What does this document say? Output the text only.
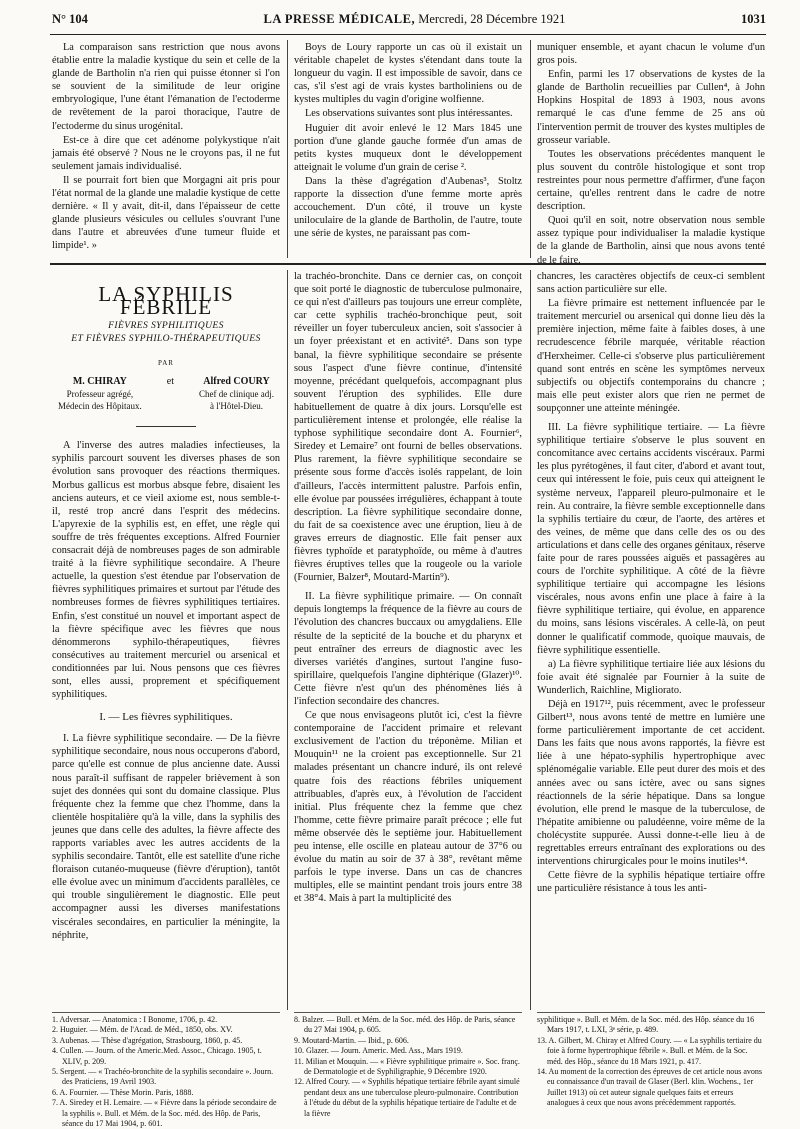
N° 104	LA PRESSE MÉDICALE, Mercredi, 28 Décembre 1921	1031

La comparaison sans restriction que nous avons établie entre la maladie kystique du sein et celle de la glande de Bartholin n'a rien qui puisse étonner si l'on se souvient de la similitude de leur origine embryologique, l'une étant l'émanation de l'ectoderme de revêtement de la paroi thoracique, l'autre de l'ectoderme du sinus urogénital.

Est-ce à dire que cet adénome polykystique n'ait jamais été observé ? Nous ne le croyons pas, il ne fut seulement jamais individualisé.

Il se pourrait fort bien que Morgagni ait pris pour l'état normal de la glande une maladie kystique de cette dernière. « Il y avait, dit-il, dans l'épaisseur de cette glande plusieurs vésicules ou cellules s'ouvrant l'une dans l'autre et abreuvées d'une tumeur fluide et limpide¹. »

Boys de Loury rapporte un cas où il existait un véritable chapelet de kystes s'étendant dans toute la longueur du vagin. Il est impossible de savoir, dans ce cas, s'il s'est agi de vrais kystes bartholiniens ou de kystes multiples du vagin d'origine wolfienne.

Les observations suivantes sont plus intéressantes.

Huguier dit avoir enlevé le 12 Mars 1845 une portion d'une glande gauche formée d'un amas de petits kystes muqueux dont le développement atteignait le volume d'un grain de cerise ².

Dans la thèse d'agrégation d'Aubenas³, Stoltz rapporte la dissection d'une femme morte après accouchement. D'un côté, il trouve un kyste uniloculaire de la glande de Bartholin, de l'autre, toute une série de kystes, ne paraissant pas com-

muniquer ensemble, et ayant chacun le volume d'un gros pois.

Enfin, parmi les 17 observations de kystes de la glande de Bartholin recueillies par Cullen⁴, à John Hopkins Hospital de 1893 à 1903, nous avons remarqué le cas d'une femme de 25 ans où l'intervention permit de trouver des kystes multiples de grosseur variable.

Toutes les observations précédentes manquent le plus souvent du contrôle histologique et sont trop restreintes pour nous permettre d'affirmer, d'une façon certaine, qu'elles rentrent dans le cadre de notre description.

Quoi qu'il en soit, notre observation nous semble assez typique pour individualiser la maladie kystique de la glande de Bartholin, ainsi que nous avons tenté de le faire.

LA SYPHILIS FÉBRILE
FIÈVRES SYPHILITIQUES
ET FIÈVRES SYPHILO-THÉRAPEUTIQUES
PAR
M. CHIRAY
Professeur agrégé,
Médecin des Hôpitaux.
et	Alfred COURY
Chef de clinique adj.
à l'Hôtel-Dieu.

A l'inverse des autres maladies infectieuses, la syphilis parcourt souvent les diverses phases de son évolution sans provoquer des réactions thermiques. Morbus gallicus est morbus absque febre, disaient les anciens auteurs, et ce vieil axiome est, nous semble-t-il, resté trop ancré dans l'esprit des médecins. L'apyrexie de la syphilis est, en effet, une règle qui souffre de très fréquentes exceptions. Alfred Fournier consacrait déjà de nombreuses pages de son admirable traité à la fièvre syphilitique secondaire. A l'heure actuelle, la question s'est étendue par l'observation de fièvres syphilitiques primaires et surtout par l'étude des nombreuses formes de fièvres syphilitiques tertiaires. Enfin, s'est constitué un nouvel et important aspect de la fièvre spécifique avec les fièvres que nous dénommerons syphilo-thérapeutiques, fièvres consécutives au traitement mercuriel ou arsenical et conditionnées par lui. Nous pensons que ces fièvres sont, elles aussi, proprement et spécifiquement syphilitiques.

I. — Les fièvres syphilitiques.

I. La fièvre syphilitique secondaire. — De la fièvre syphilitique secondaire, nous nous occuperons d'abord, parce qu'elle est connue de plus ancienne date. Aussi nous paraît-il suffisant de rappeler brièvement à son sujet des données qui sont du domaine classique. Plus fréquente chez la femme que chez l'homme, dans la clientèle hospitalière qu'à la ville, dans la syphilis des jeunes que dans celle des adultes, la fièvre affecte des rapports variables avec les autres accidents de la syphilis secondaire. Tantôt, elle est satellite d'une riche floraison cutanéo-muqueuse (fièvre d'éruption), tantôt elle évolue avec un minimum d'accidents parallèles, ce qui trouble singulièrement le diagnostic. Elle peut accompagner aussi les diverses manifestations viscérales secondaires, en particulier la méningite, la néphrite,

la trachéo-bronchite. Dans ce dernier cas, on conçoit que soit porté le diagnostic de tuberculose pulmonaire, ce qui n'est d'ailleurs pas toujours une erreur complète, car cette syphilis trachéo-bronchique peut, soit réveiller un foyer tuberculeux ancien, soit s'associer à un foyer préexistant et en activité⁵. Dans son type banal, la fièvre syphilitique secondaire se présente sous l'aspect d'une fièvre continue, d'intensité moyenne, précédant quelquefois, accompagnant plus souvent l'éruption des syphilides. Elle dure habituellement de quatre à dix jours. Lorsqu'elle est particulièrement intense et prolongée, elle réalise la typhose syphilitique secondaire dont A. Fournier⁶, Siredey et Lemaire⁷ ont fourni de belles observations. Plus rarement, la fièvre syphilitique secondaire se présente sous forme d'accès isolés rappelant, de loin d'ailleurs, l'accès intermittent palustre. Parfois enfin, elle évolue par poussées irrégulières, échappant à toute description. La fièvre syphilitique secondaire donne, du fait de sa coexistence avec une éruption, lieu à de graves erreurs de diagnostic. Elle fait penser aux fièvres typhoïde et paratyphoïde, ou même à d'autres fièvres éruptives telles que la rougeole ou la variole (Fournier, Balzer⁸, Moutard-Martin⁹).

II. La fièvre syphilitique primaire. — On connaît depuis longtemps la fréquence de la fièvre au cours de l'évolution des chancres buccaux ou amygdaliens. Elle résulte de la septicité de la bouche et du pharynx et peut entraîner des erreurs de diagnostic avec les diverses variétés d'angines, surtout l'angine fuso-spirillaire, quelquefois l'angine diphtérique (Glazer)¹⁰. Cette fièvre n'est qu'un des phénomènes liés à l'infection secondaire des chancres.

Ce que nous envisageons plutôt ici, c'est la fièvre contemporaine de l'accident primaire et relevant exclusivement de l'action du tréponème. Milian et Mouquin¹¹ ne la croient pas exceptionnelle. Sur 21 malades présentant un chancre induré, ils ont relevé quatre fois des réactions fébriles uniquement attribuables, d'après eux, à l'évolution de l'accident initial. Plus fréquente chez la femme que chez l'homme, cette fièvre primaire paraît précoce ; elle fut même observée dès le septième jour. Habituellement peu intense, elle oscille en plateau autour de 37°6 ou évolue du matin au soir de 37 à 38°, revêtant même parfois le type inverse. Dans un cas de chancres multiples, elle se maintint pendant trois jours entre 38 et 38°4. Mais à part la multiplicité des

chancres, les caractères objectifs de ceux-ci semblent sans action particulière sur elle.

La fièvre primaire est nettement influencée par le traitement mercuriel ou arsenical qui donne lieu dès la première injection, même faite à faibles doses, à une recrudescence fébrile marquée, véritable réaction d'Herxheimer. Celle-ci s'observe plus particulièrement quand sont entrés en scène les symptômes nerveux subjectifs ou objectifs contemporains du chancre ; mais elle peut exister alors que rien ne permet de soupçonner une atteinte méningée.

III. La fièvre syphilitique tertiaire. — La fièvre syphilitique tertiaire s'observe le plus souvent en concomitance avec certains accidents viscéraux. Parmi les plus pyrétogènes, il faut citer, d'abord et avant tout, ceux qui intéressent le foie, puis ceux qui atteignent le système nerveux, l'appareil pleuro-pulmonaire et le rein. Au contraire, la fièvre semble exceptionnelle dans la syphilis tertiaire du cœur, de l'aorte, des artères et des veines, de même que dans celle des os ou des articulations et dans celle des organes génitaux, réserve faite pour de rares poussées aiguës et passagères au cours de l'orchite syphilitique. A côté de la fièvre syphilitique tertiaire qui accompagne les lésions viscérales, nous avons enfin une place à faire à la fièvre syphilitique tertiaire, qui évolue, en apparence du moins, sans lésions viscérales. A celle-là, on peut donner le qualificatif commode, quoique mauvais, de fièvre syphilitique essentielle.

a) La fièvre syphilitique tertiaire liée aux lésions du foie avait été signalée par Fournier à la suite de Wunderlich, Raichline, Migliorato.

Déjà en 1917¹², puis récemment, avec le professeur Gilbert¹³, nous avons tenté de mettre en lumière une forme particulièrement importante de cet accident. Dans les faits que nous avons rapportés, la fièvre est liée à une hépato-syphilis hypertrophique avec splénomégalie variable. Elle peut durer des mois et des années avec ou sans ictère, avec ou sans signes réactionnels de la série hépatique. Dans sa longue évolution, elle prend le masque de la tuberculose, de l'hépatite amibienne ou paludéenne, voire même de la cholécystite suppurée. Aussi donne-t-elle lieu à de regrettables erreurs entraînant des explorations ou des interventions chirurgicales pour le moins inutiles¹⁴.

Cette fièvre de la syphilis hépatique tertiaire offre une particulière résistance à tous les anti-

1. Adversar. — Anatomica : I Bonome, 1706, p. 42.
2. Huguier. — Mém. de l'Acad. de Méd., 1850, obs. XV.
3. Aubenas. — Thèse d'agrégation, Strasbourg, 1860, p. 45.
4. Cullen. — Journ. of the Americ.Med. Assoc., Chicago. 1905, t. XLIV, p. 209.
5. Sergent. — « Trachéo-bronchite de la syphilis secondaire ». Journ. des Praticiens, 19 Avril 1903.
6. A. Fournier. — Thèse Morin. Paris, 1888.
7. A. Siredey et H. Lemaire. — « Fièvre dans la période secondaire de la syphilis ». Bull. et Mém. de la Soc. méd. des Hôp. de Paris, séance du 17 Mai 1904, p. 601.
8. Balzer. — Bull. et Mém. de la Soc. méd. des Hôp. de Paris, séance du 27 Mai 1904, p. 605.
9. Moutard-Martin. — Ibid., p. 606.
10. Glazer. — Journ. Americ. Med. Ass., Mars 1919.
11. Milian et Mouquin. — « Fièvre syphilitique primaire ». Soc. franç. de Dermatologie et de Syphiligraphie, 9 Décembre 1920.
12. Alfred Coury. — « Syphilis hépatique tertiaire fébrile ayant simulé pendant deux ans une tuberculose pleuro-pulmonaire. Contribution à l'étude du début de la syphilis hépatique tertiaire de l'adulte et de la fièvre
syphilitique ». Bull. et Mém. de la Soc. méd. des Hôp. séance du 16 Mars 1917, t. LXI, 3ᵉ série, p. 489.
13. A. Gilbert, M. Chiray et Alfred Coury. — « La syphilis tertiaire du foie à forme hypertrophique fébrile ». Bull. et Mém. de la Soc. méd. des Hôp., séance du 18 Mars 1921, p. 417.
14. Au moment de la correction des épreuves de cet article nous avons eu connaissance d'un travail de Glaser (Berl. klin. Wochens., 1er Juillet 1913) où cet auteur signale quelques faits et erreurs analogues à ceux que nous avons précédemment rapportés.
